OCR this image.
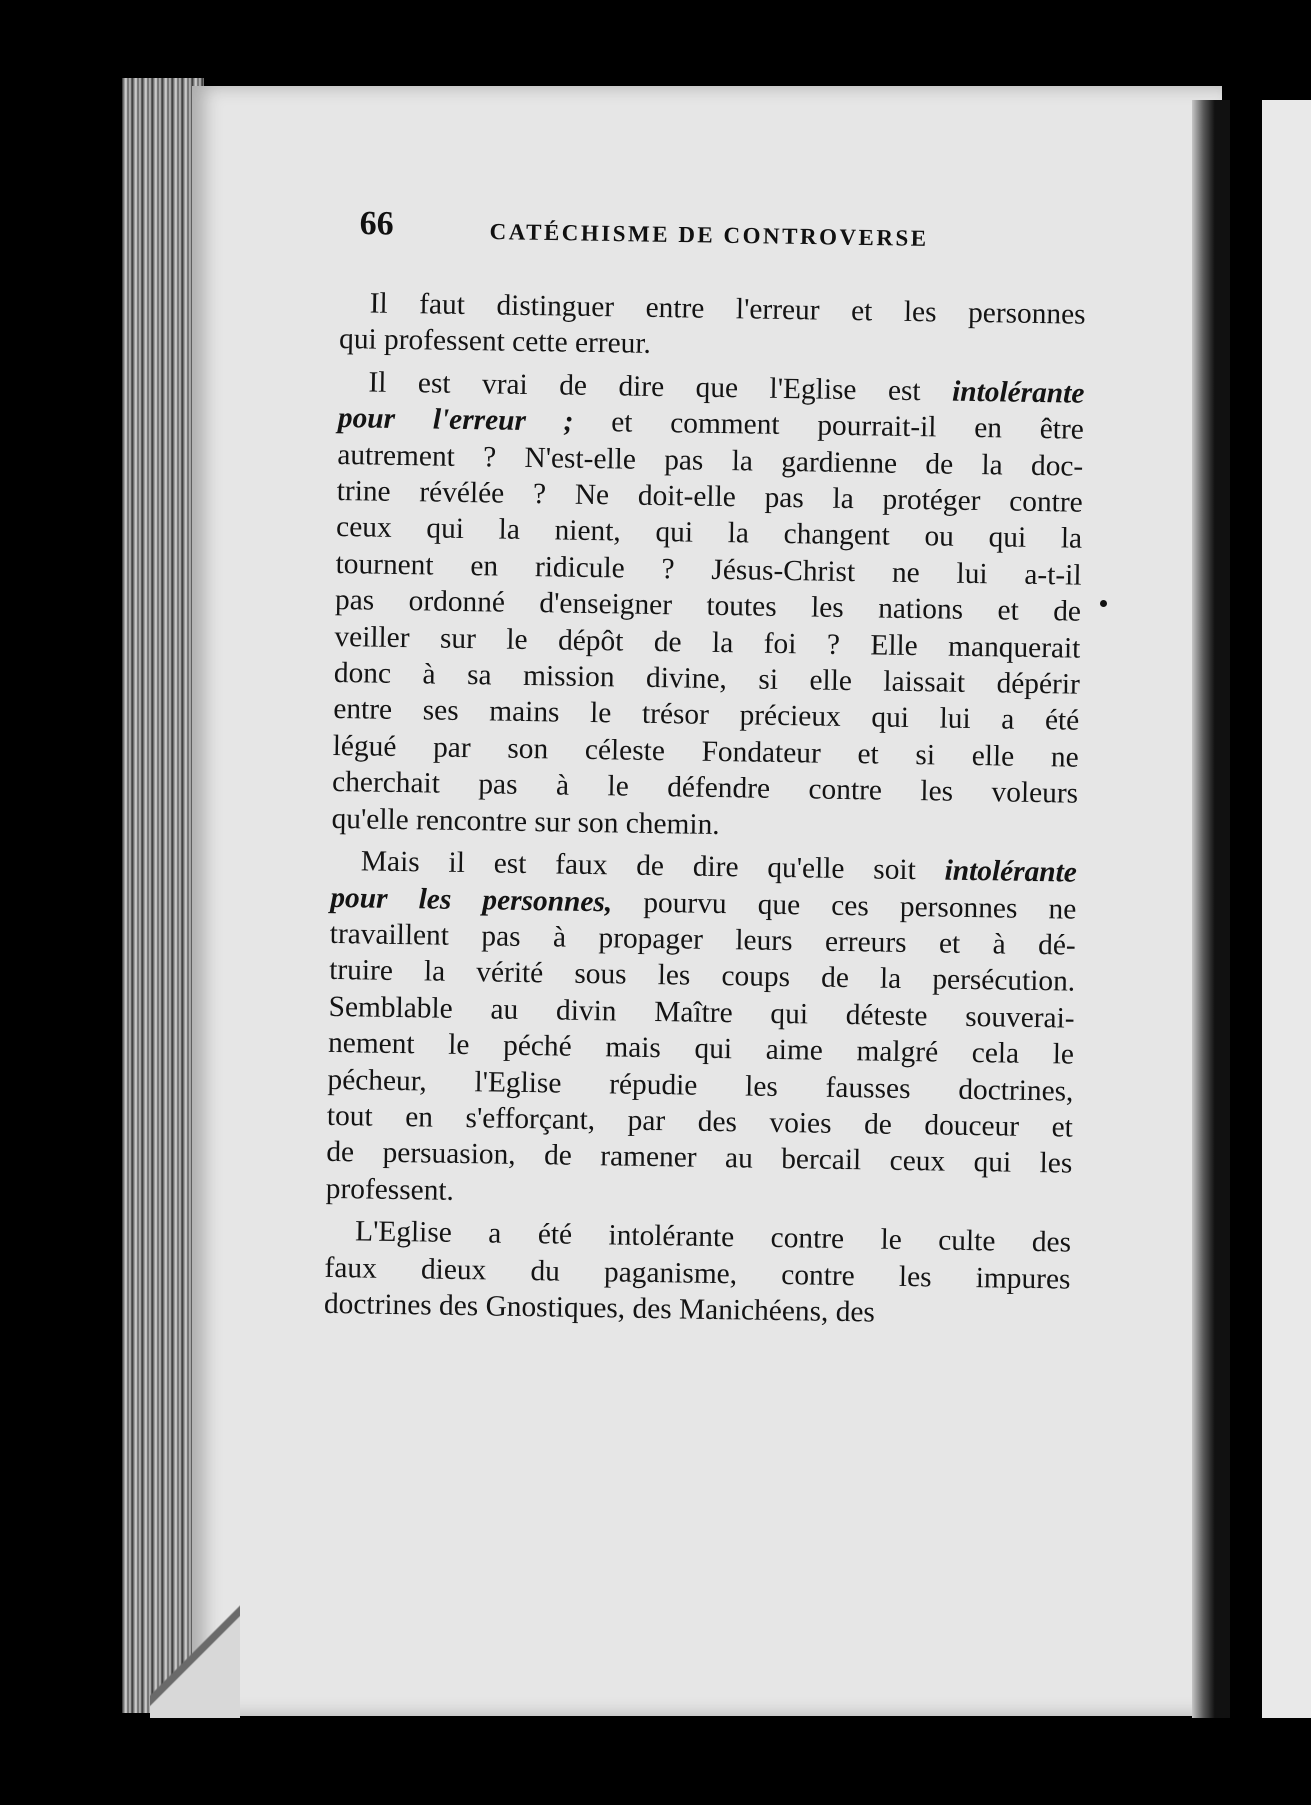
66	CATÉCHISME DE CONTROVERSE
Il faut distinguer entre l'erreur et les personnes
qui professent cette erreur.
Il est vrai de dire que l'Eglise est intolérante
pour l'erreur ; et comment pourrait-il en être
autrement ? N'est-elle pas la gardienne de la doc-
trine révélée ? Ne doit-elle pas la protéger contre
ceux qui la nient, qui la changent ou qui la
tournent en ridicule ? Jésus-Christ ne lui a-t-il
pas ordonné d'enseigner toutes les nations et de
veiller sur le dépôt de la foi ? Elle manquerait
donc à sa mission divine, si elle laissait dépérir
entre ses mains le trésor précieux qui lui a été
légué par son céleste Fondateur et si elle ne
cherchait pas à le défendre contre les voleurs
qu'elle rencontre sur son chemin.
Mais il est faux de dire qu'elle soit intolérante
pour les personnes, pourvu que ces personnes ne
travaillent pas à propager leurs erreurs et à dé-
truire la vérité sous les coups de la persécution.
Semblable au divin Maître qui déteste souverai-
nement le péché mais qui aime malgré cela le
pécheur, l'Eglise répudie les fausses doctrines,
tout en s'efforçant, par des voies de douceur et
de persuasion, de ramener au bercail ceux qui les
professent.
L'Eglise a été intolérante contre le culte des
faux dieux du paganisme, contre les impures
doctrines des Gnostiques, des Manichéens, des
